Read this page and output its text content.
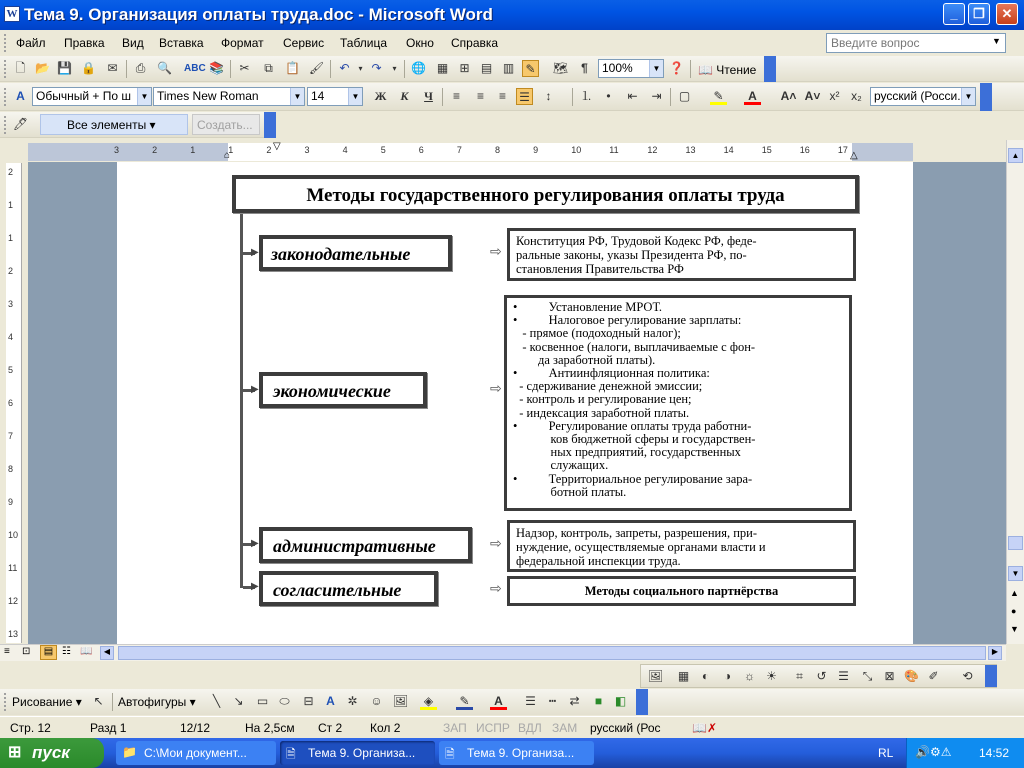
W Тема 9. Организация оплаты труда.doc - Microsoft Word	_	❐	✕
Файл Правка Вид Вставка Формат Сервис Таблица Окно Справка	Введите вопрос	▼
🗋 📂 💾 🔒 ✉	⎙ 🔍 ABC 📚 ✂	⧉	📋 🖌 ↶	▾ ↷	▾	🌐 ▦ ⊞ ▤ ▥ ✎ 🗺	¶	100%	▼ ❓ 📖 Чтение
A Обычный + По ш	▼ Times New Roman	▼ 14	▼ Ж	К	Ч	≡	≡	≡	☰	↕	⒈	•	⇤ ⇥ ▢ ✎	A	A˄ A˅ x² x₂	русский (Росси. ▼
🖊	Все элементы ▾	Создать...
3	2	1	1	2	3	4	5	6	7	8	9	10	11	12	13	14	15	16	17
⌂
▽
△
2
1
1
2
3
4
5
6
7
8
9
10
11
12
13
Методы государственного регулирования оплаты труда
▶ законодательные	⇨
Конституция РФ, Трудовой Кодекс РФ, феде-
ральные законы, указы Президента РФ, по-
становления Правительства РФ
▶ экономические	⇨
•          Установление МРОТ.
•          Налоговое регулирование зарплаты:
- прямое (подоходный налог);
- косвенное (налоги, выплачиваемые с фон-
да заработной платы).
•          Антиинфляционная политика:
- сдерживание денежной эмиссии;
- контроль и регулирование цен;
- индексация заработной платы.
•          Регулирование оплаты труда работни-
ков бюджетной сферы и государствен-
ных предприятий, государственных
служащих.
•          Территориальное регулирование зара-
ботной платы.
▶ административные	⇨
Надзор, контроль, запреты, разрешения, при-
нуждение, осуществляемые органами власти и
федеральной инспекции труда.
▶ согласительные	⇨	Методы социального партнёрства
▲
▼
▲
●
▼
≡ ⊡	▤ ☷ 📖	◀	▶
🖼 ▦	◐	◑	☼ ☀	⌗	↺ ☰	⤡	⊠ 🎨 ✐ ⟲
Рисование ▾ ↖ Автофигуры ▾	╲	↘ ▭ ⬭ ⊟	A	✲ ☺ 🖼	◈	✎	A	☰	┅	⇄	■	◧
Стр. 12	Разд 1	12/12	На 2,5см Ст 2 Кол 2	ЗАП ИСПР ВДЛ ЗАМ русский (Рос	📖✗
⊞ пуск	📁 C:\Мои документ...	🗎 Тема 9. Организа...	🗎 Тема 9. Организа...	RL 🔊⚙⚠ 14:52
